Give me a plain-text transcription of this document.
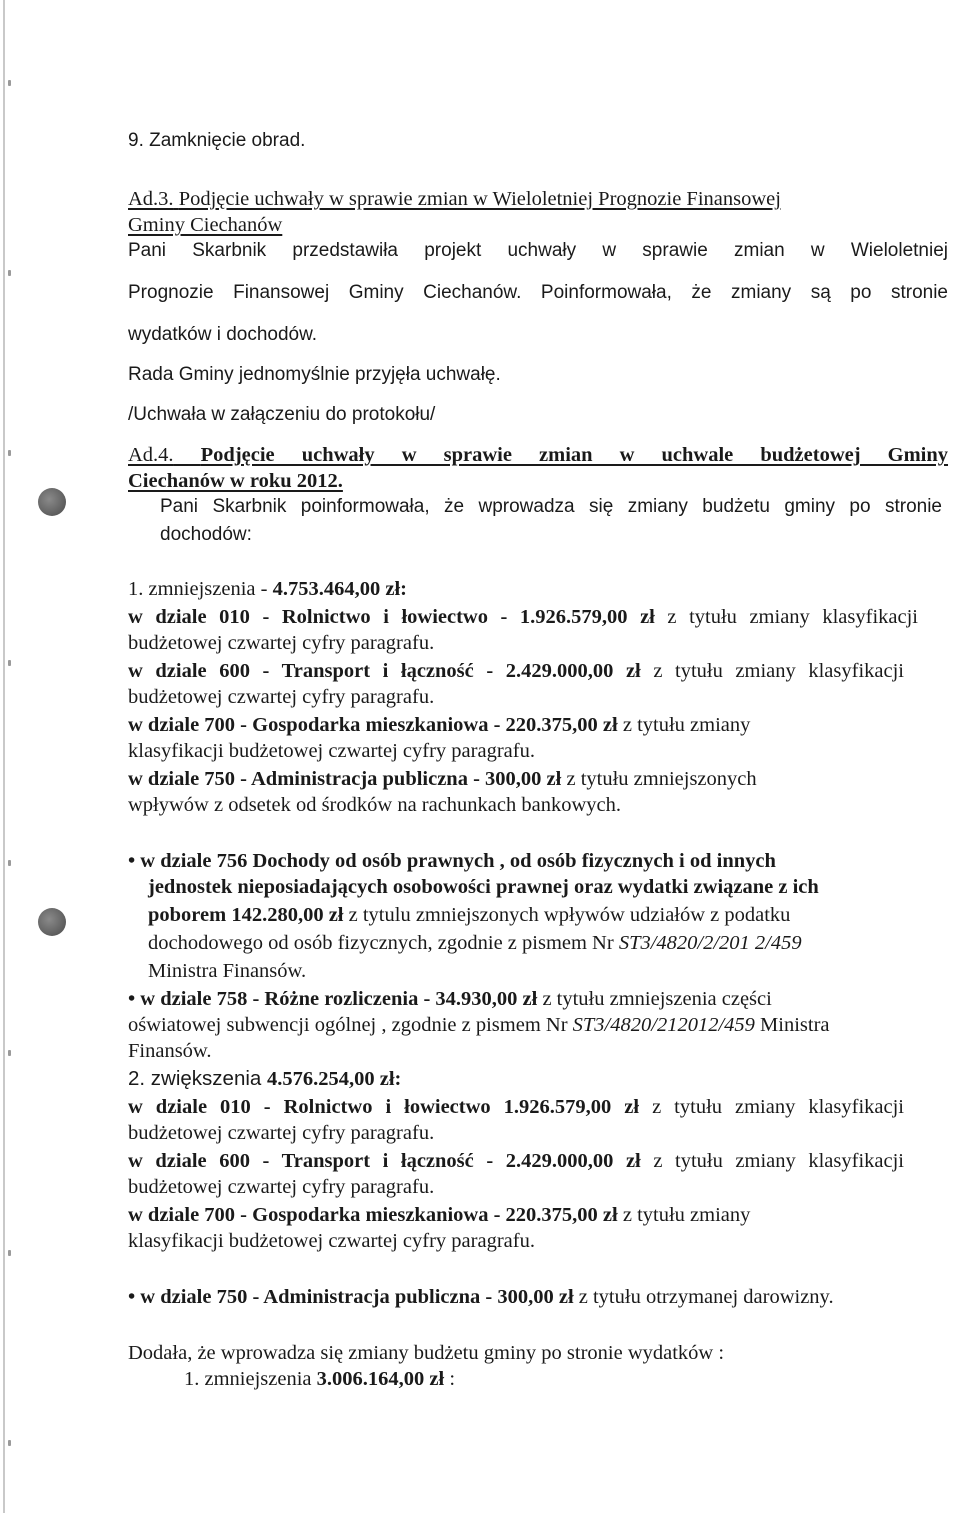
9. Zamknięcie obrad.
Ad.3. Podjęcie uchwały w sprawie zmian w Wieloletniej Prognozie Finansowej
Gminy Ciechanów
Pani Skarbnik przedstawiła projekt uchwały w sprawie zmian w Wieloletniej
Prognozie Finansowej Gminy Ciechanów. Poinformowała, że zmiany są po stronie
wydatków i dochodów.
Rada Gminy jednomyślnie przyjęła uchwałę.
/Uchwała w załączeniu do protokołu/
Ad.4. Podjęcie uchwały w sprawie zmian w uchwale budżetowej Gminy
Ciechanów w roku 2012.
Pani Skarbnik poinformowała, że wprowadza się zmiany budżetu gminy po stronie
dochodów:
1. zmniejszenia - 4.753.464,00 zł:
w dziale 010 - Rolnictwo i łowiectwo - 1.926.579,00 zł z tytułu zmiany klasyfikacji
budżetowej czwartej cyfry paragrafu.
w dziale 600 - Transport i łączność - 2.429.000,00 zł z tytułu zmiany klasyfikacji
budżetowej czwartej cyfry paragrafu.
w dziale 700 - Gospodarka mieszkaniowa - 220.375,00 zł z tytułu zmiany
klasyfikacji budżetowej czwartej cyfry paragrafu.
w dziale 750 - Administracja publiczna - 300,00 zł z tytułu zmniejszonych
wpływów z odsetek od środków na rachunkach bankowych.
• w dziale 756 Dochody od osób prawnych , od osób fizycznych i od innych
jednostek nieposiadających osobowości prawnej oraz wydatki związane z ich
poborem 142.280,00 zł z tytulu zmniejszonych wpływów udziałów z podatku
dochodowego od osób fizycznych, zgodnie z pismem Nr ST3/4820/2/201 2/459
Ministra Finansów.
• w dziale 758 - Różne rozliczenia - 34.930,00 zł z tytułu zmniejszenia części
oświatowej subwencji ogólnej , zgodnie z pismem Nr ST3/4820/212012/459 Ministra
Finansów.
2. zwiększenia 4.576.254,00 zł:
w dziale 010 - Rolnictwo i łowiectwo 1.926.579,00 zł z tytułu zmiany klasyfikacji
budżetowej czwartej cyfry paragrafu.
w dziale 600 - Transport i łączność - 2.429.000,00 zł z tytułu zmiany klasyfikacji
budżetowej czwartej cyfry paragrafu.
w dziale 700 - Gospodarka mieszkaniowa - 220.375,00 zł z tytułu zmiany
klasyfikacji budżetowej czwartej cyfry paragrafu.
• w dziale 750 - Administracja publiczna - 300,00 zł z tytułu otrzymanej darowizny.
Dodała, że wprowadza się zmiany budżetu gminy po stronie wydatków :
1. zmniejszenia 3.006.164,00 zł :
